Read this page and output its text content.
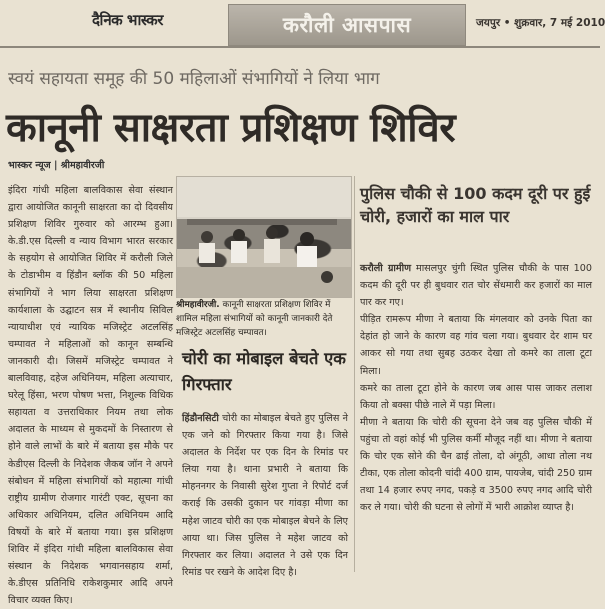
दैनिक भास्कर	करौली आसपास	जयपुर • शुक्रवार, 7 मई 2010
स्वयं सहायता समूह की 50 महिलाओं संभागियों ने लिया भाग
कानूनी साक्षरता प्रशिक्षण शिविर
भास्कर न्यूज | श्रीमहावीरजी
इंदिरा गांधी महिला बालविकास सेवा संस्थान द्वारा आयोजित कानूनी साक्षरता का दो दिवसीय प्रशिक्षण शिविर गुरुवार को आरम्भ हुआ। के.डी.एस दिल्ली व न्याय विभाग भारत सरकार के सहयोग से आयोजित शिविर में करौली जिले के टोडाभीम व हिंडौन ब्लॉक की 50 महिला संभागियों ने भाग लिया साक्षरता प्रशिक्षण कार्यशाला के उद्घाटन सत्र में स्थानीय सिविल न्यायाधीश एवं न्यायिक मजिस्ट्रेट अटलसिंह चम्पावत ने महिलाओं को कानून सम्बन्धि जानकारी दी। जिसमें मजिस्ट्रेट चम्पावत ने बालविवाह, दहेज अधिनियम, महिला अत्याचार, घरेलू हिंसा, भरण पोषण भत्ता, निशुल्क विधिक सहायता व उत्तराधिकार नियम तथा लोक अदालत के माध्यम से मुकदमों के निस्तारण से होने वाले लाभों के बारे में बताया इस मौके पर केडीएस दिल्ली के निदेशक जैकब जॉन ने अपने संबोधन में महिला संभागियों को महात्मा गांधी राष्ट्रीय ग्रामीण रोजगार गारंटी एक्ट, सूचना का अधिकार अधिनियम, दलित अधिनियम आदि विषयों के बारे में बताया गया। इस प्रशिक्षण शिविर में इंदिरा गांधी महिला बालविकास सेवा संस्थान के निदेशक भगवानसहाय शर्मा, के.डीएस प्रतिनिधि राकेशकुमार आदि अपने विचार व्यक्त किए।
श्रीमहावीरजी. कानूनी साक्षरता प्रशिक्षण शिविर में शामिल महिला संभागियों को कानूनी जानकारी देते मजिस्ट्रेट अटलसिंह चम्पावत।
चोरी का मोबाइल बेचते एक गिरफ्तार
हिंडौनसिटी चोरी का मोबाइल बेचते हुए पुलिस ने एक जने को गिरफ्तार किया गया है। जिसे अदालत के निर्देश पर एक दिन के रिमांड पर लिया गया है। थाना प्रभारी ने बताया कि मोहननगर के निवासी सुरेश गुप्ता ने रिपोर्ट दर्ज कराई कि उसकी दुकान पर गांवड़ा मीणा का महेश जाटव चोरी का एक मोबाइल बेचने के लिए आया था। जिस पुलिस ने महेश जाटव को गिरफ्तार कर लिया। अदालत ने उसे एक दिन रिमांड पर रखने के आदेश दिए है।
पुलिस चौकी से 100 कदम दूरी पर हुई चोरी, हजारों का माल पार
करौली ग्रामीण मासलपुर चुंगी स्थित पुलिस चौकी के पास 100 कदम की दूरी पर ही बुधवार रात चोर सेंधमारी कर हजारों का माल पार कर गए।
पीड़ित रामरूप मीणा ने बताया कि मंगलवार को उनके पिता का देहांत हो जाने के कारण वह गांव चला गया। बुधवार देर शाम घर आकर सो गया तथा सुबह उठकर देखा तो कमरे का ताला टूटा मिला।
कमरे का ताला टूटा होने के कारण जब आस पास जाकर तलाश किया तो बक्सा पीछे नाले में पड़ा मिला।
मीणा ने बताया कि चोरी की सूचना देने जब वह पुलिस चौकी में पहुंचा तो वहां कोई भी पुलिस कर्मी मौजूद नहीं था। मीणा ने बताया कि चोर एक सोने की चैन ढाई तोला, दो अंगूठी, आधा तोला नथ टीका, एक तोला कोदनी चांदी 400 ग्राम, पायजेब, चांदी 250 ग्राम तथा 14 हजार रुपए नगद, पकड़े व 3500 रुपए नगद आदि चोरी कर ले गया। चोरी की घटना से लोगों में भारी आक्रोश व्याप्त है।
